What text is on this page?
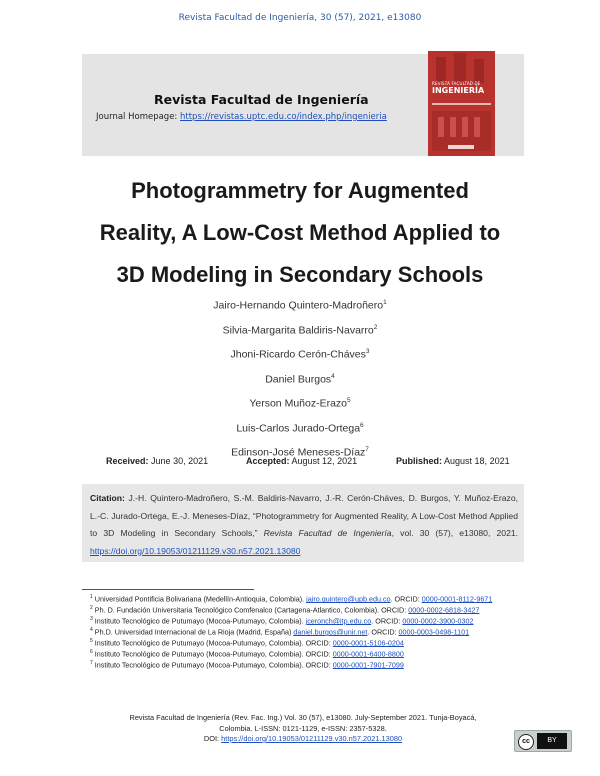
Revista Facultad de Ingeniería, 30 (57), 2021, e13080
Revista Facultad de Ingeniería
Journal Homepage: https://revistas.uptc.edu.co/index.php/ingenieria
REVISTA FACULTAD DE
INGENIERÍA
Photogrammetry for Augmented
Reality, A Low-Cost Method Applied to
3D Modeling in Secondary Schools
Jairo-Hernando Quintero-Madroñero$^1$
Silvia-Margarita Baldiris-Navarro$^2$
Jhoni-Ricardo Cerón-Cháves$^3$
Daniel Burgos$^4$
Yerson Muñoz-Erazo$^5$
Luis-Carlos Jurado-Ortega$^6$
Edinson-José Meneses-Díaz$^7$
Received: June 30, 2021	Accepted: August 12, 2021	Published: August 18, 2021
Citation: J.-H. Quintero-Madroñero, S.-M. Baldiris-Navarro, J.-R. Cerón-Cháves, D. Burgos, Y. Muñoz-Erazo, L.-C. Jurado-Ortega, E.-J. Meneses-Díaz, “Photogrammetry for Augmented Reality, A Low-Cost Method Applied to 3D Modeling in Secondary Schools,” Revista Facultad de Ingeniería, vol. 30 (57), e13080, 2021. https://doi.org/10.19053/01211129.v30.n57.2021.13080

$^1$ Universidad Pontificia Bolivariana (Medellín-Antioquia, Colombia). jairo.quintero@upb.edu.co. ORCID: 0000-0001-8112-9671

$^2$ Ph. D. Fundación Universitaria Tecnológico Comfenalco (Cartagena-Atlantico, Colombia). ORCID: 0000-0002-6818-3427

$^3$ Instituto Tecnológico de Putumayo (Mocoa-Putumayo, Colombia). jceronch@itp.edu.co. ORCID: 0000-0002-3900-0302

$^4$ Ph.D. Universidad Internacional de La Rioja (Madrid, España) daniel.burgos@unir.net. ORCID: 0000-0003-0498-1101

$^5$ Instituto Tecnológico de Putumayo (Mocoa-Putumayo, Colombia). ORCID: 0000-0001-5106-0204

$^6$ Instituto Tecnológico de Putumayo (Mocoa-Putumayo, Colombia). ORCID: 0000-0001-6400-8800

$^7$ Instituto Tecnológico de Putumayo (Mocoa-Putumayo, Colombia). ORCID: 0000-0001-7901-7099

Revista Facultad de Ingeniería (Rev. Fac. Ing.) Vol. 30 (57), e13080. July-September 2021. Tunja-Boyacá,
Colombia. L-ISSN: 0121-1129, e-ISSN: 2357-5328.
DOI: https://doi.org/10.19053/01211129.v30.n57.2021.13080	cc	BY
